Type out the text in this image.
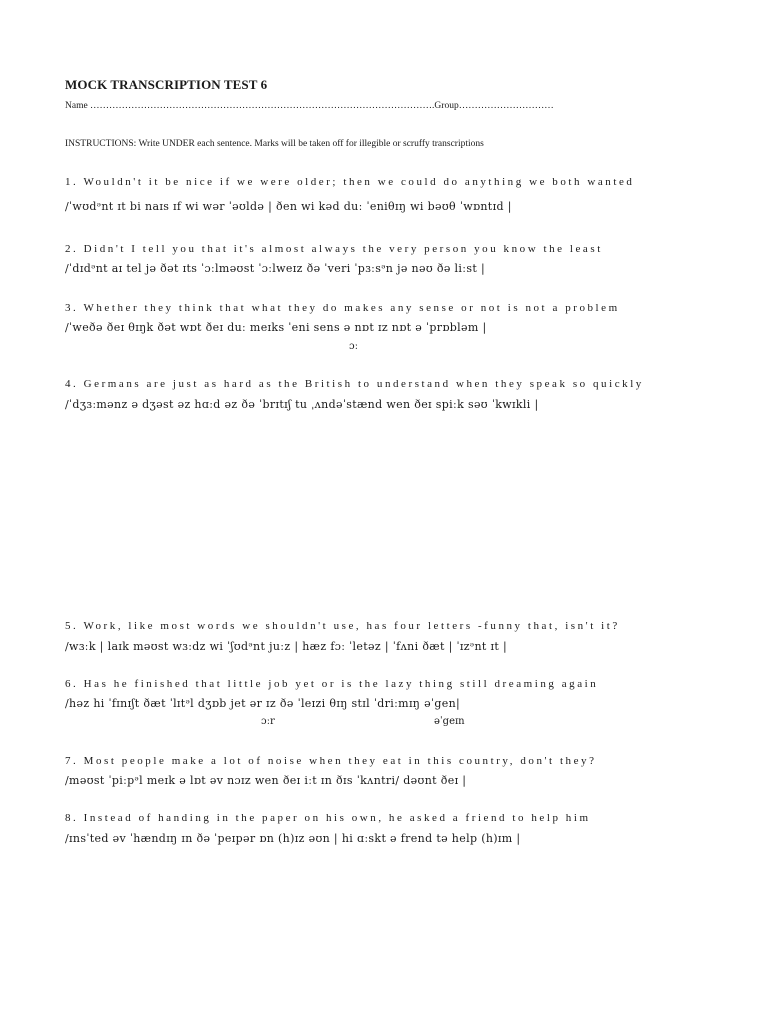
MOCK TRANSCRIPTION TEST 6
Name ……………………………………………………………………………………………….Group…………………………
INSTRUCTIONS: Write UNDER each sentence. Marks will be taken off for illegible or scruffy transcriptions
1. Wouldn't it be nice if we were older; then we could do anything we both wanted
/ˈwʊdᵊnt ɪt bi naɪs ɪf wi wər ˈəʊldə | ðen wi kəd duː ˈeniθɪŋ wi bəʊθ ˈwɒntɪd |
2. Didn't I tell you that it's almost always the very person you know the least
/ˈdɪdᵊnt aɪ tel jə ðət ɪts ˈɔːlməʊst ˈɔːlweɪz ðə ˈveri ˈpɜːsᵊn jə nəʊ ðə liːst |
3. Whether they think that what they do makes any sense or not is not a problem
/ˈweðə ðeɪ θɪŋk ðət wɒt ðeɪ duː meɪks ˈeni sens ə nɒt ɪz nɒt ə ˈprɒbləm |
ɔː
4. Germans are just as hard as the British to understand when they speak so quickly
/ˈdʒɜːmənz ə dʒəst əz hɑːd əz ðə ˈbrɪtɪʃ tu ˌʌndəˈstænd wen ðeɪ spiːk səʊ ˈkwɪkli |
5. Work, like most words we shouldn't use, has four letters -funny that, isn't it?
/wɜːk | laɪk məʊst wɜːdz wi ˈʃʊdᵊnt juːz | hæz fɔː ˈletəz | ˈfʌni ðæt | ˈɪzᵊnt ɪt |
6. Has he finished that little job yet or is the lazy thing still dreaming again
/həz hi ˈfɪnɪʃt ðæt ˈlɪtᵊl dʒɒb jet ər ɪz ðə ˈleɪzi θɪŋ stɪl ˈdriːmɪŋ əˈgen|
ɔːr	əˈgeɪn
7. Most people make a lot of noise when they eat in this country, don't they?
/məʊst ˈpiːpᵊl meɪk ə lɒt əv nɔɪz wen ðeɪ iːt ɪn ðɪs ˈkʌntri/ dəʊnt ðeɪ |
8. Instead of handing in the paper on his own, he asked a friend to help him
/ɪnsˈted əv ˈhændɪŋ ɪn ðə ˈpeɪpər ɒn (h)ɪz əʊn | hi ɑːskt ə frend tə help (h)ɪm |
